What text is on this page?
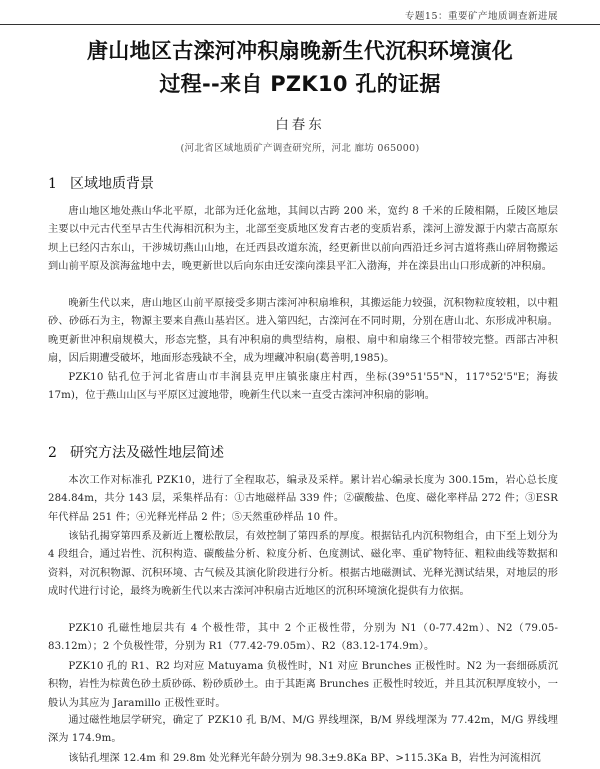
专题15：重要矿产地质调查新进展
唐山地区古滦河冲积扇晚新生代沉积环境演化
过程--来自 PZK10 孔的证据
白春东
(河北省区域地质矿产调查研究所，河北 廊坊 065000)
1 区域地质背景

唐山地区地处燕山华北平原，北部为迁化盆地，其间以古跨 200 米，宽约 8 千米的丘陵相隔，丘陵区地层主要以中元古代至早古生代海相沉积为主，北部至变质地区发育古老的变质岩系，滦河上游发源于内蒙古高原东坝上已经闪古东山，干涉城切燕山山地，在迁西县改道东流，经更新世以前向西沿迁乡河古道将燕山碎屑物搬运到山前平原及滨海盆地中去，晚更新世以后向东由迁安滦向滦县平汇入渤海，并在滦县出山口形成新的冲积扇。

晚新生代以来，唐山地区山前平原接受多期古滦河冲积扇堆积，其搬运能力较强，沉积物粒度较粗，以中粗砂、砂砾石为主，物源主要来自燕山基岩区。进入第四纪，古滦河在不同时期，分别在唐山北、东形成冲积扇。晚更新世冲积扇规模大，形态完整，具有冲积扇的典型结构，扇根、扇中和扇缘三个相带较完整。西部古冲积扇，因后期遭受破坏，地面形态残缺不全，成为埋藏冲积扇(葛善明,1985)。

PZK10 钻孔位于河北省唐山市丰润县克甲庄镇张康庄村西，坐标(39°51'55"N，117°52'5"E；海拔 17m)，位于燕山山区与平原区过渡地带，晚新生代以来一直受古滦河冲积扇的影响。

2 研究方法及磁性地层简述

本次工作对标准孔 PZK10，进行了全程取芯，编录及采样。累计岩心编录长度为 300.15m，岩心总长度 284.84m，共分 143 层，采集样品有：①古地磁样品 339 件；②碳酸盐、色度、磁化率样品 272 件；③ESR 年代样品 251 件；④光释光样品 2 件；⑤天然重砂样品 10 件。

该钻孔揭穿第四系及新近上覆松散层，有效控制了第四系的厚度。根据钻孔内沉积物组合，由下至上划分为 4 段组合，通过岩性、沉积构造、碳酸盐分析、粒度分析、色度测试、磁化率、重矿物特征、粗粒曲线等数据和资料，对沉积物源、沉积环境、古气候及其演化阶段进行分析。根据古地磁测试、光释光测试结果，对地层的形成时代进行讨论，最终为晚新生代以来古滦河冲积扇古近地区的沉积环境演化提供有力依据。

PZK10 孔磁性地层共有 4 个极性带，其中 2 个正极性带，分别为 N1（0-77.42m）、N2（79.05-83.12m）；2 个负极性带，分别为 R1（77.42-79.05m）、R2（83.12-174.9m）。

PZK10 孔的 R1、R2 均对应 Matuyama 负极性时，N1 对应 Brunches 正极性时。N2 为一套细砾质沉积物，岩性为棕黄色砂土质砂砾、粉砂质砂土。由于其距离 Brunches 正极性时较近，并且其沉积厚度较小，一般认为其应为 Jaramillo 正极性亚时。

通过磁性地层学研究，确定了 PZK10 孔 B/M、M/G 界线埋深，B/M 界线埋深为 77.42m，M/G 界线埋深为 174.9m。

该钻孔埋深 12.4m 和 29.8m 处光释光年龄分别为 98.3±9.8Ka BP、>115.3Ka B，岩性为河流相沉
